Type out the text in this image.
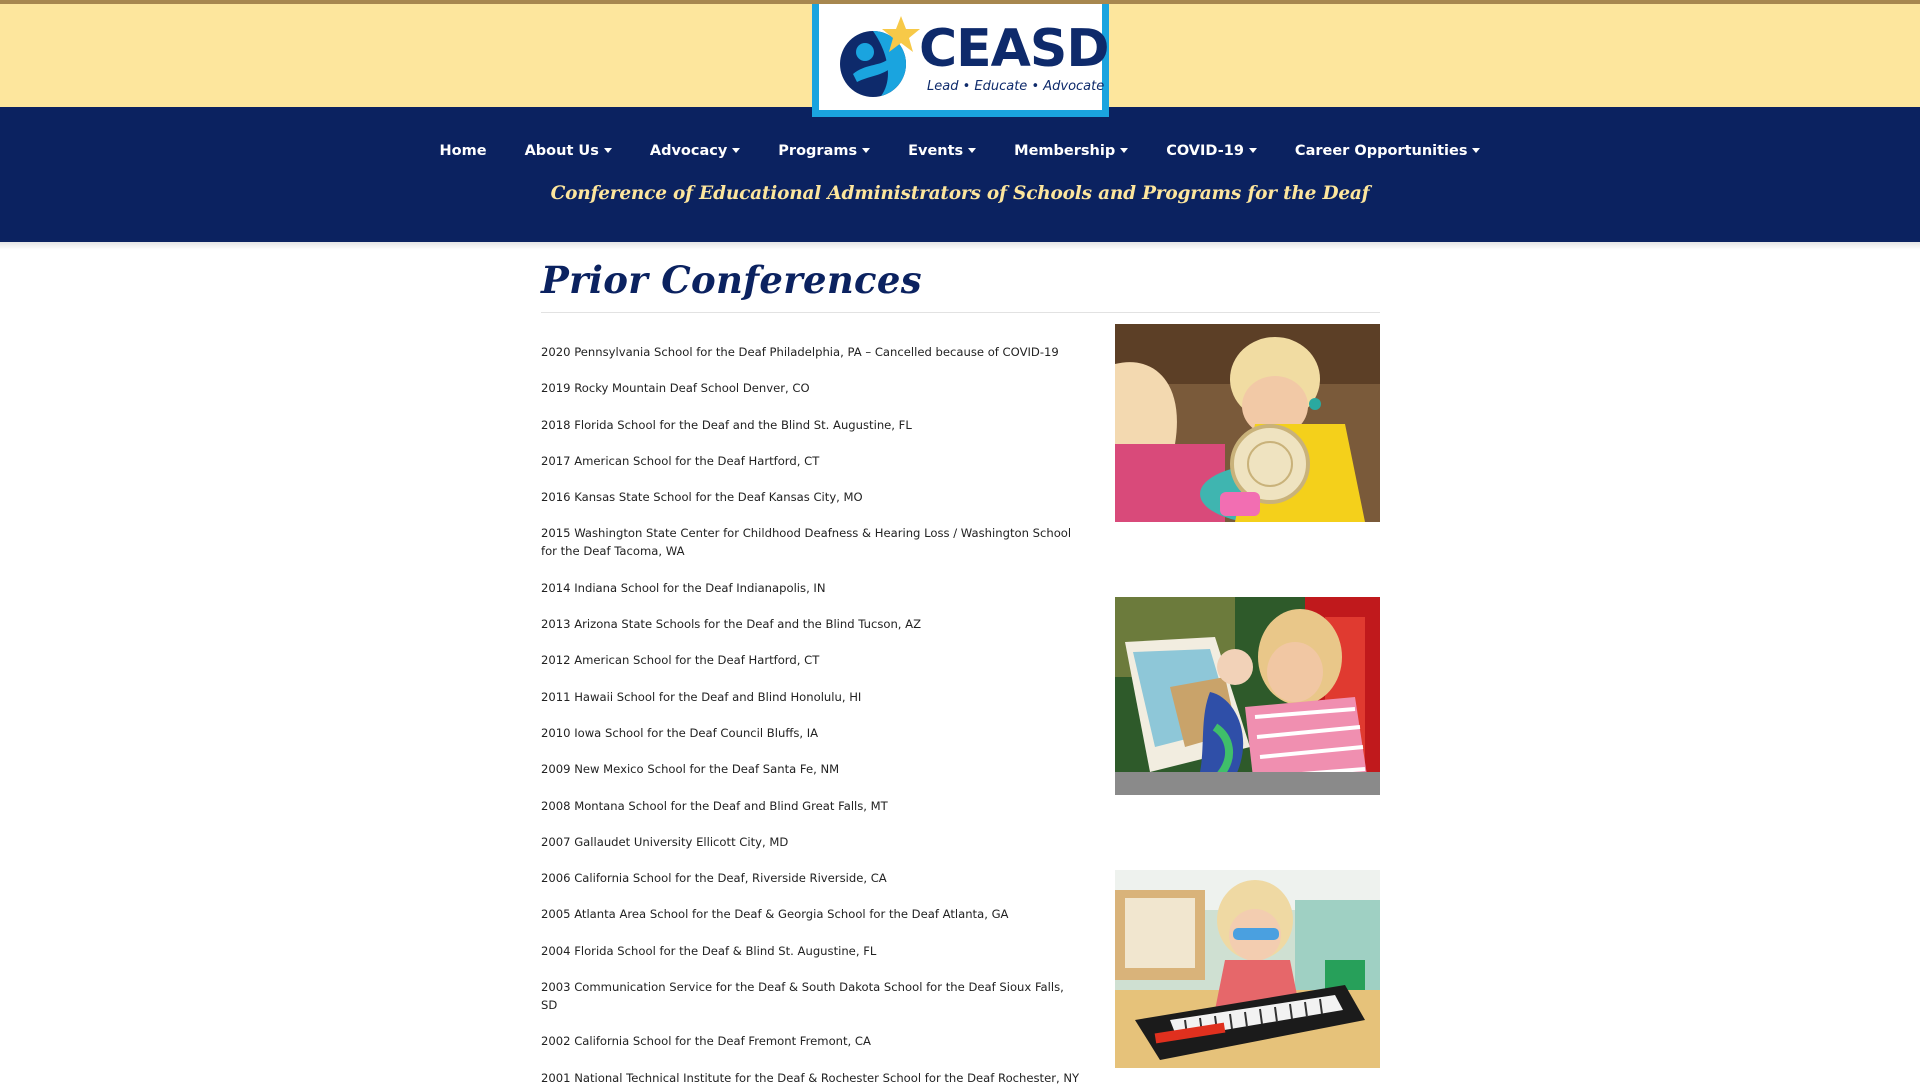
CEASD
Lead • Educate • Advocate
Home	About Us	Advocacy	Programs	Events	Membership	COVID-19	Career Opportunities
Conference of Educational Administrators of Schools and Programs for the Deaf
Prior Conferences
2020 Pennsylvania School for the Deaf Philadelphia, PA – Cancelled because of COVID-19
2019 Rocky Mountain Deaf School Denver, CO
2018 Florida School for the Deaf and the Blind St. Augustine, FL
2017 American School for the Deaf Hartford, CT
2016 Kansas State School for the Deaf Kansas City, MO
2015 Washington State Center for Childhood Deafness & Hearing Loss / Washington School for the Deaf Tacoma, WA
2014 Indiana School for the Deaf Indianapolis, IN
2013 Arizona State Schools for the Deaf and the Blind Tucson, AZ
2012 American School for the Deaf Hartford, CT
2011 Hawaii School for the Deaf and Blind Honolulu, HI
2010 Iowa School for the Deaf Council Bluffs, IA
2009 New Mexico School for the Deaf Santa Fe, NM
2008 Montana School for the Deaf and Blind Great Falls, MT
2007 Gallaudet University Ellicott City, MD
2006 California School for the Deaf, Riverside Riverside, CA
2005 Atlanta Area School for the Deaf & Georgia School for the Deaf Atlanta, GA
2004 Florida School for the Deaf & Blind St. Augustine, FL
2003 Communication Service for the Deaf & South Dakota School for the Deaf Sioux Falls, SD
2002 California School for the Deaf Fremont Fremont, CA
2001 National Technical Institute for the Deaf & Rochester School for the Deaf Rochester, NY
